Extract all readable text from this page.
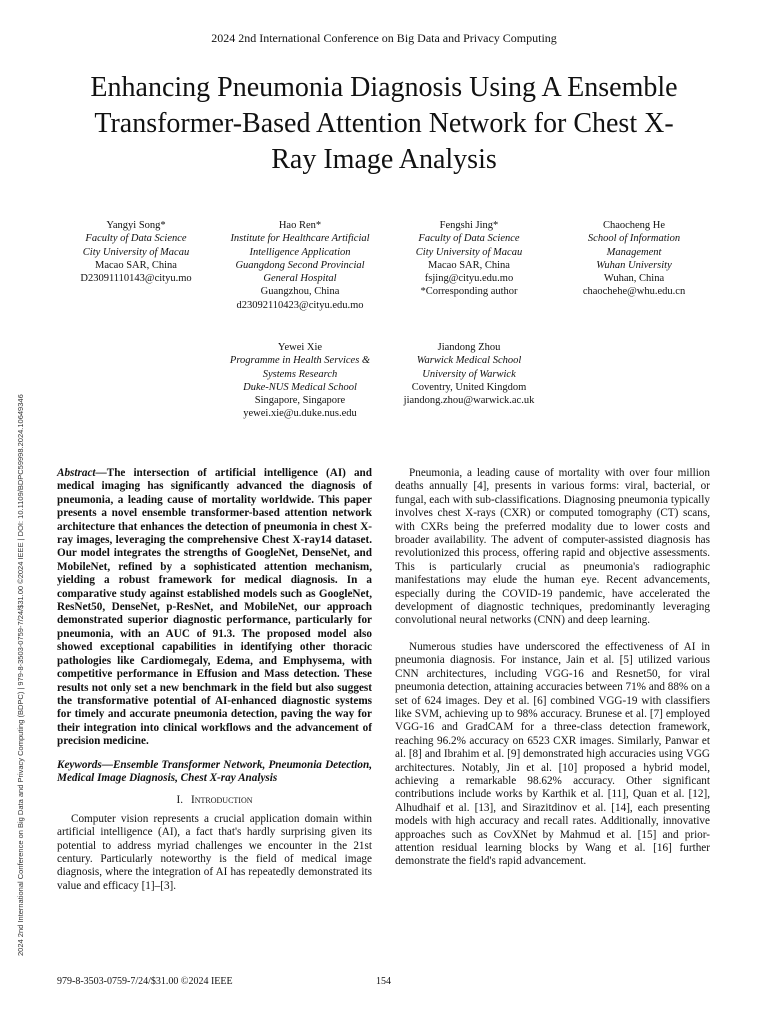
2024 2nd International Conference on Big Data and Privacy Computing
Enhancing Pneumonia Diagnosis Using A Ensemble
Transformer-Based Attention Network for Chest X-
Ray Image Analysis
Yangyi Song*
Faculty of Data Science
City University of Macau
Macao SAR, China
D23091110143@cityu.mo
Hao Ren*
Institute for Healthcare Artificial
Intelligence Application
Guangdong Second Provincial
General Hospital
Guangzhou, China
d23092110423@cityu.edu.mo
Fengshi Jing*
Faculty of Data Science
City University of Macau
Macao SAR, China
fsjing@cityu.edu.mo
*Corresponding author
Chaocheng He
School of Information
Management
Wuhan University
Wuhan, China
chaochehe@whu.edu.cn
Yewei Xie
Programme in Health Services &
Systems Research
Duke-NUS Medical School
Singapore, Singapore
yewei.xie@u.duke.nus.edu
Jiandong Zhou
Warwick Medical School
University of Warwick
Coventry, United Kingdom
jiandong.zhou@warwick.ac.uk
2024 2nd International Conference on Big Data and Privacy Computing (BDPC) | 979-8-3503-0759-7/24/$31.00 ©2024 IEEE | DOI: 10.1109/BDPC59998.2024.10649346	Abstract—The intersection of artificial intelligence (AI) and medical imaging has significantly advanced the diagnosis of pneumonia, a leading cause of mortality worldwide. This paper presents a novel ensemble transformer-based attention network architecture that enhances the detection of pneumonia in chest X-ray images, leveraging the comprehensive Chest X-ray14 dataset. Our model integrates the strengths of GoogleNet, DenseNet, and MobileNet, refined by a sophisticated attention mechanism, yielding a robust framework for medical diagnosis. In a comparative study against established models such as GoogleNet, ResNet50, DenseNet, p-ResNet, and MobileNet, our approach demonstrated superior diagnostic performance, particularly for pneumonia, with an AUC of 91.3. The proposed model also showed exceptional capabilities in identifying other thoracic pathologies like Cardiomegaly, Edema, and Emphysema, with competitive performance in Effusion and Mass detection. These results not only set a new benchmark in the field but also suggest the transformative potential of AI-enhanced diagnostic systems for timely and accurate pneumonia detection, paving the way for their integration into clinical workflows and the advancement of precision medicine.

Keywords—Ensemble Transformer Network, Pneumonia Detection, Medical Image Diagnosis, Chest X-ray Analysis

I. Introduction

Computer vision represents a crucial application domain within artificial intelligence (AI), a fact that's hardly surprising given its potential to address myriad challenges we encounter in the 21st century. Particularly noteworthy is the field of medical image diagnosis, where the integration of AI has repeatedly demonstrated its value and efficacy [1]–[3].

Pneumonia, a leading cause of mortality with over four million deaths annually [4], presents in various forms: viral, bacterial, or fungal, each with sub-classifications. Diagnosing pneumonia typically involves chest X-rays (CXR) or computed tomography (CT) scans, with CXRs being the preferred modality due to lower costs and broader availability. The advent of computer-assisted diagnosis has revolutionized this process, offering rapid and objective assessments. This is particularly crucial as pneumonia's radiographic manifestations may elude the human eye. Recent advancements, especially during the COVID-19 pandemic, have accelerated the development of diagnostic techniques, predominantly leveraging convolutional neural networks (CNN) and deep learning.

Numerous studies have underscored the effectiveness of AI in pneumonia diagnosis. For instance, Jain et al. [5] utilized various CNN architectures, including VGG-16 and Resnet50, for viral pneumonia detection, attaining accuracies between 71% and 88% on a set of 624 images. Dey et al. [6] combined VGG-19 with classifiers like SVM, achieving up to 98% accuracy. Brunese et al. [7] employed VGG-16 and GradCAM for a three-class detection framework, reaching 96.2% accuracy on 6523 CXR images. Similarly, Panwar et al. [8] and Ibrahim et al. [9] demonstrated high accuracies using VGG architectures. Notably, Jin et al. [10] proposed a hybrid model, achieving a remarkable 98.62% accuracy. Other significant contributions include works by Karthik et al. [11], Quan et al. [12], Alhudhaif et al. [13], and Sirazitdinov et al. [14], each presenting models with high accuracy and recall rates. Additionally, innovative approaches such as CovXNet by Mahmud et al. [15] and prior-attention residual learning blocks by Wang et al. [16] further demonstrate the field's rapid advancement.

979-8-3503-0759-7/24/$31.00 ©2024 IEEE	154
